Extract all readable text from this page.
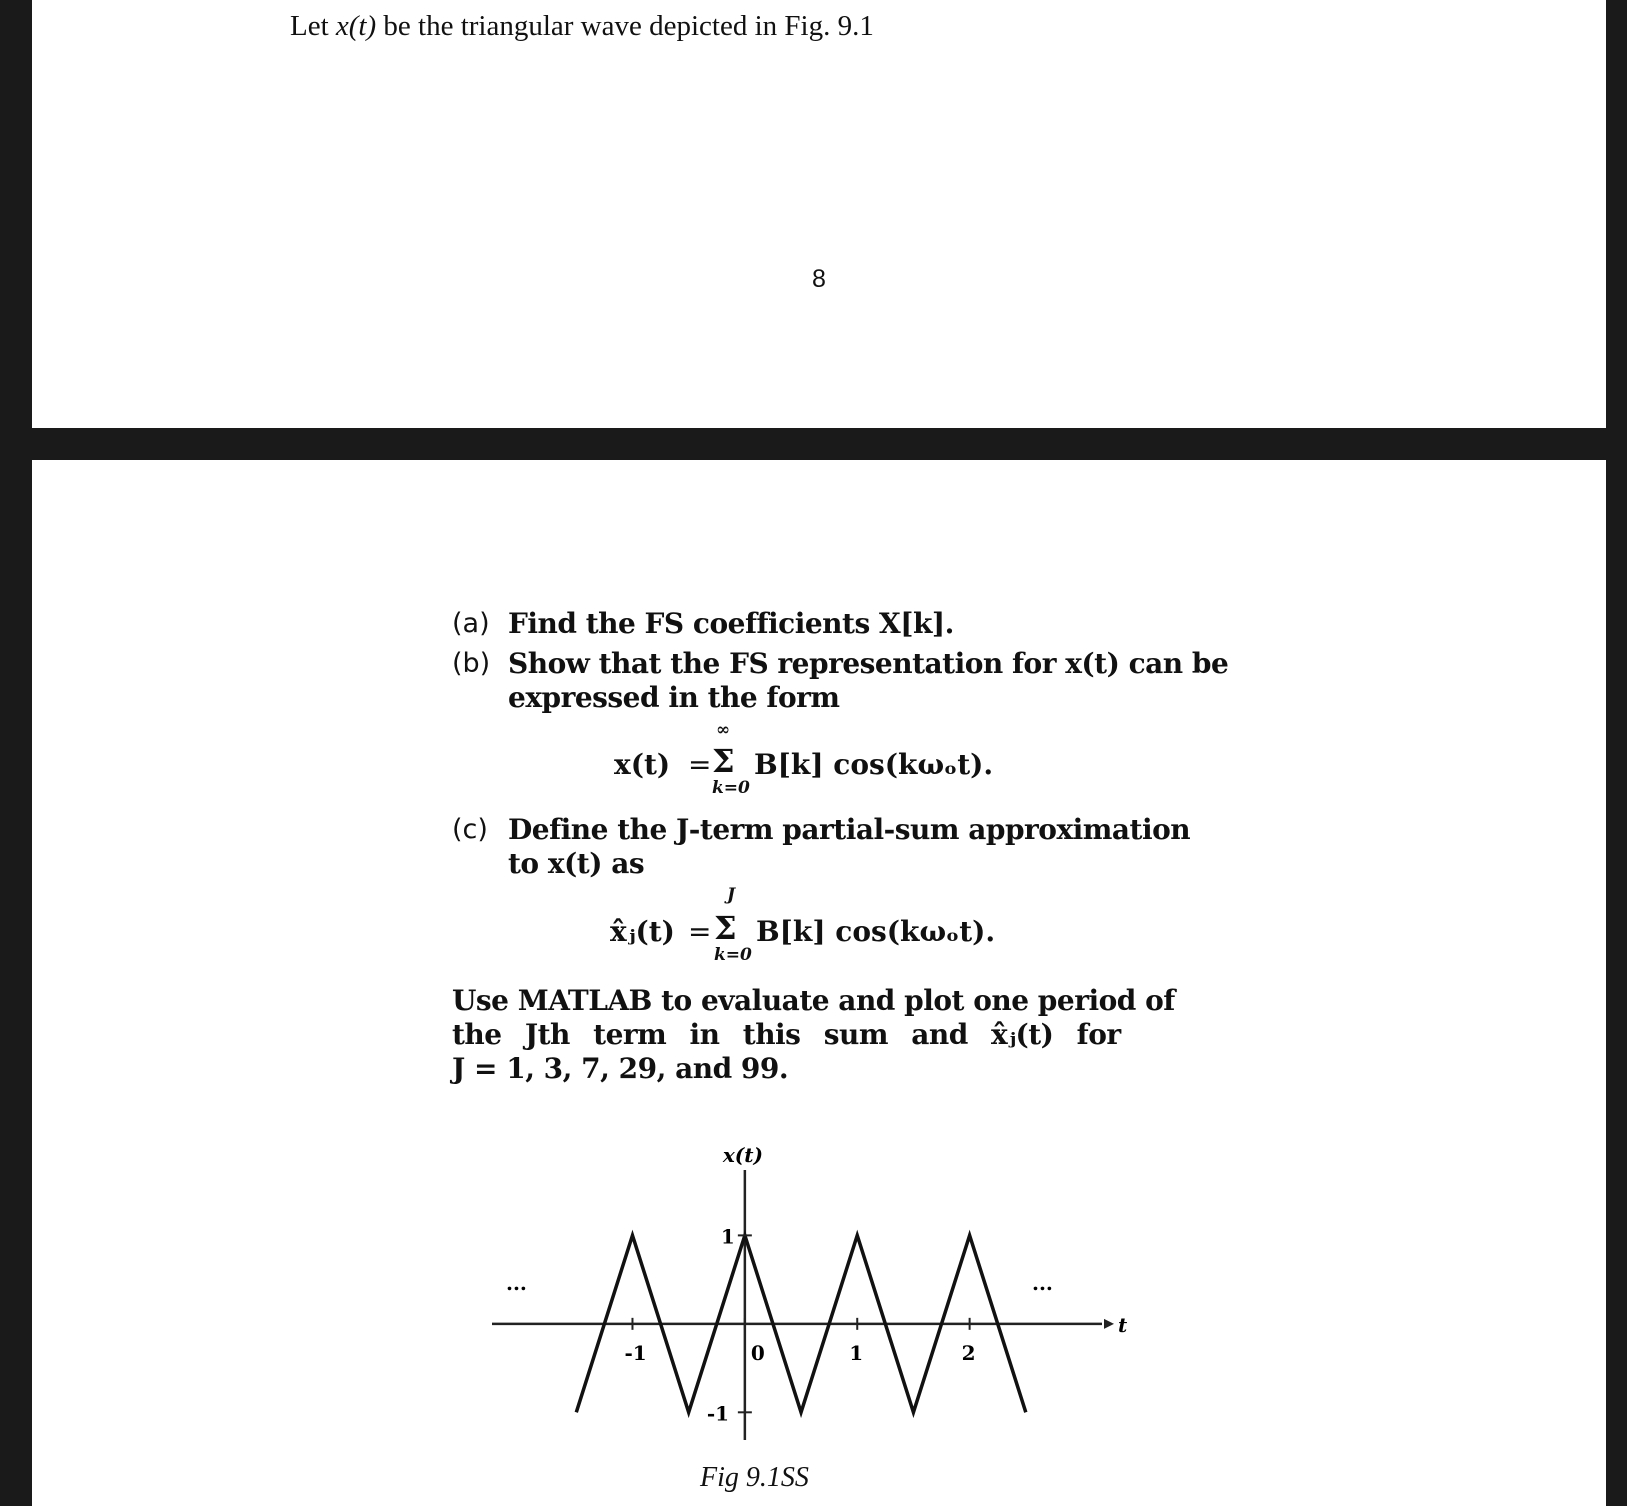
Let x(t) be the triangular wave depicted in Fig. 9.1
8
(a) Find the FS coefficients X[k].
(b) Show that the FS representation for x(t) can be
expressed in the form
x(t) =
∞
Σ
k=0
B[k] cos(kωₒt).
(c) Define the J-term partial-sum approximation
to x(t) as
x̂ⱼ(t) =
J
Σ
k=0
B[k] cos(kωₒt).
Use MATLAB to evaluate and plot one period of
the Jth term in this sum and x̂ⱼ(t) for
J = 1, 3, 7, 29, and 99.
x(t)
t
-1	0	1	2
1
-1
...	...
Fig 9.1SS
